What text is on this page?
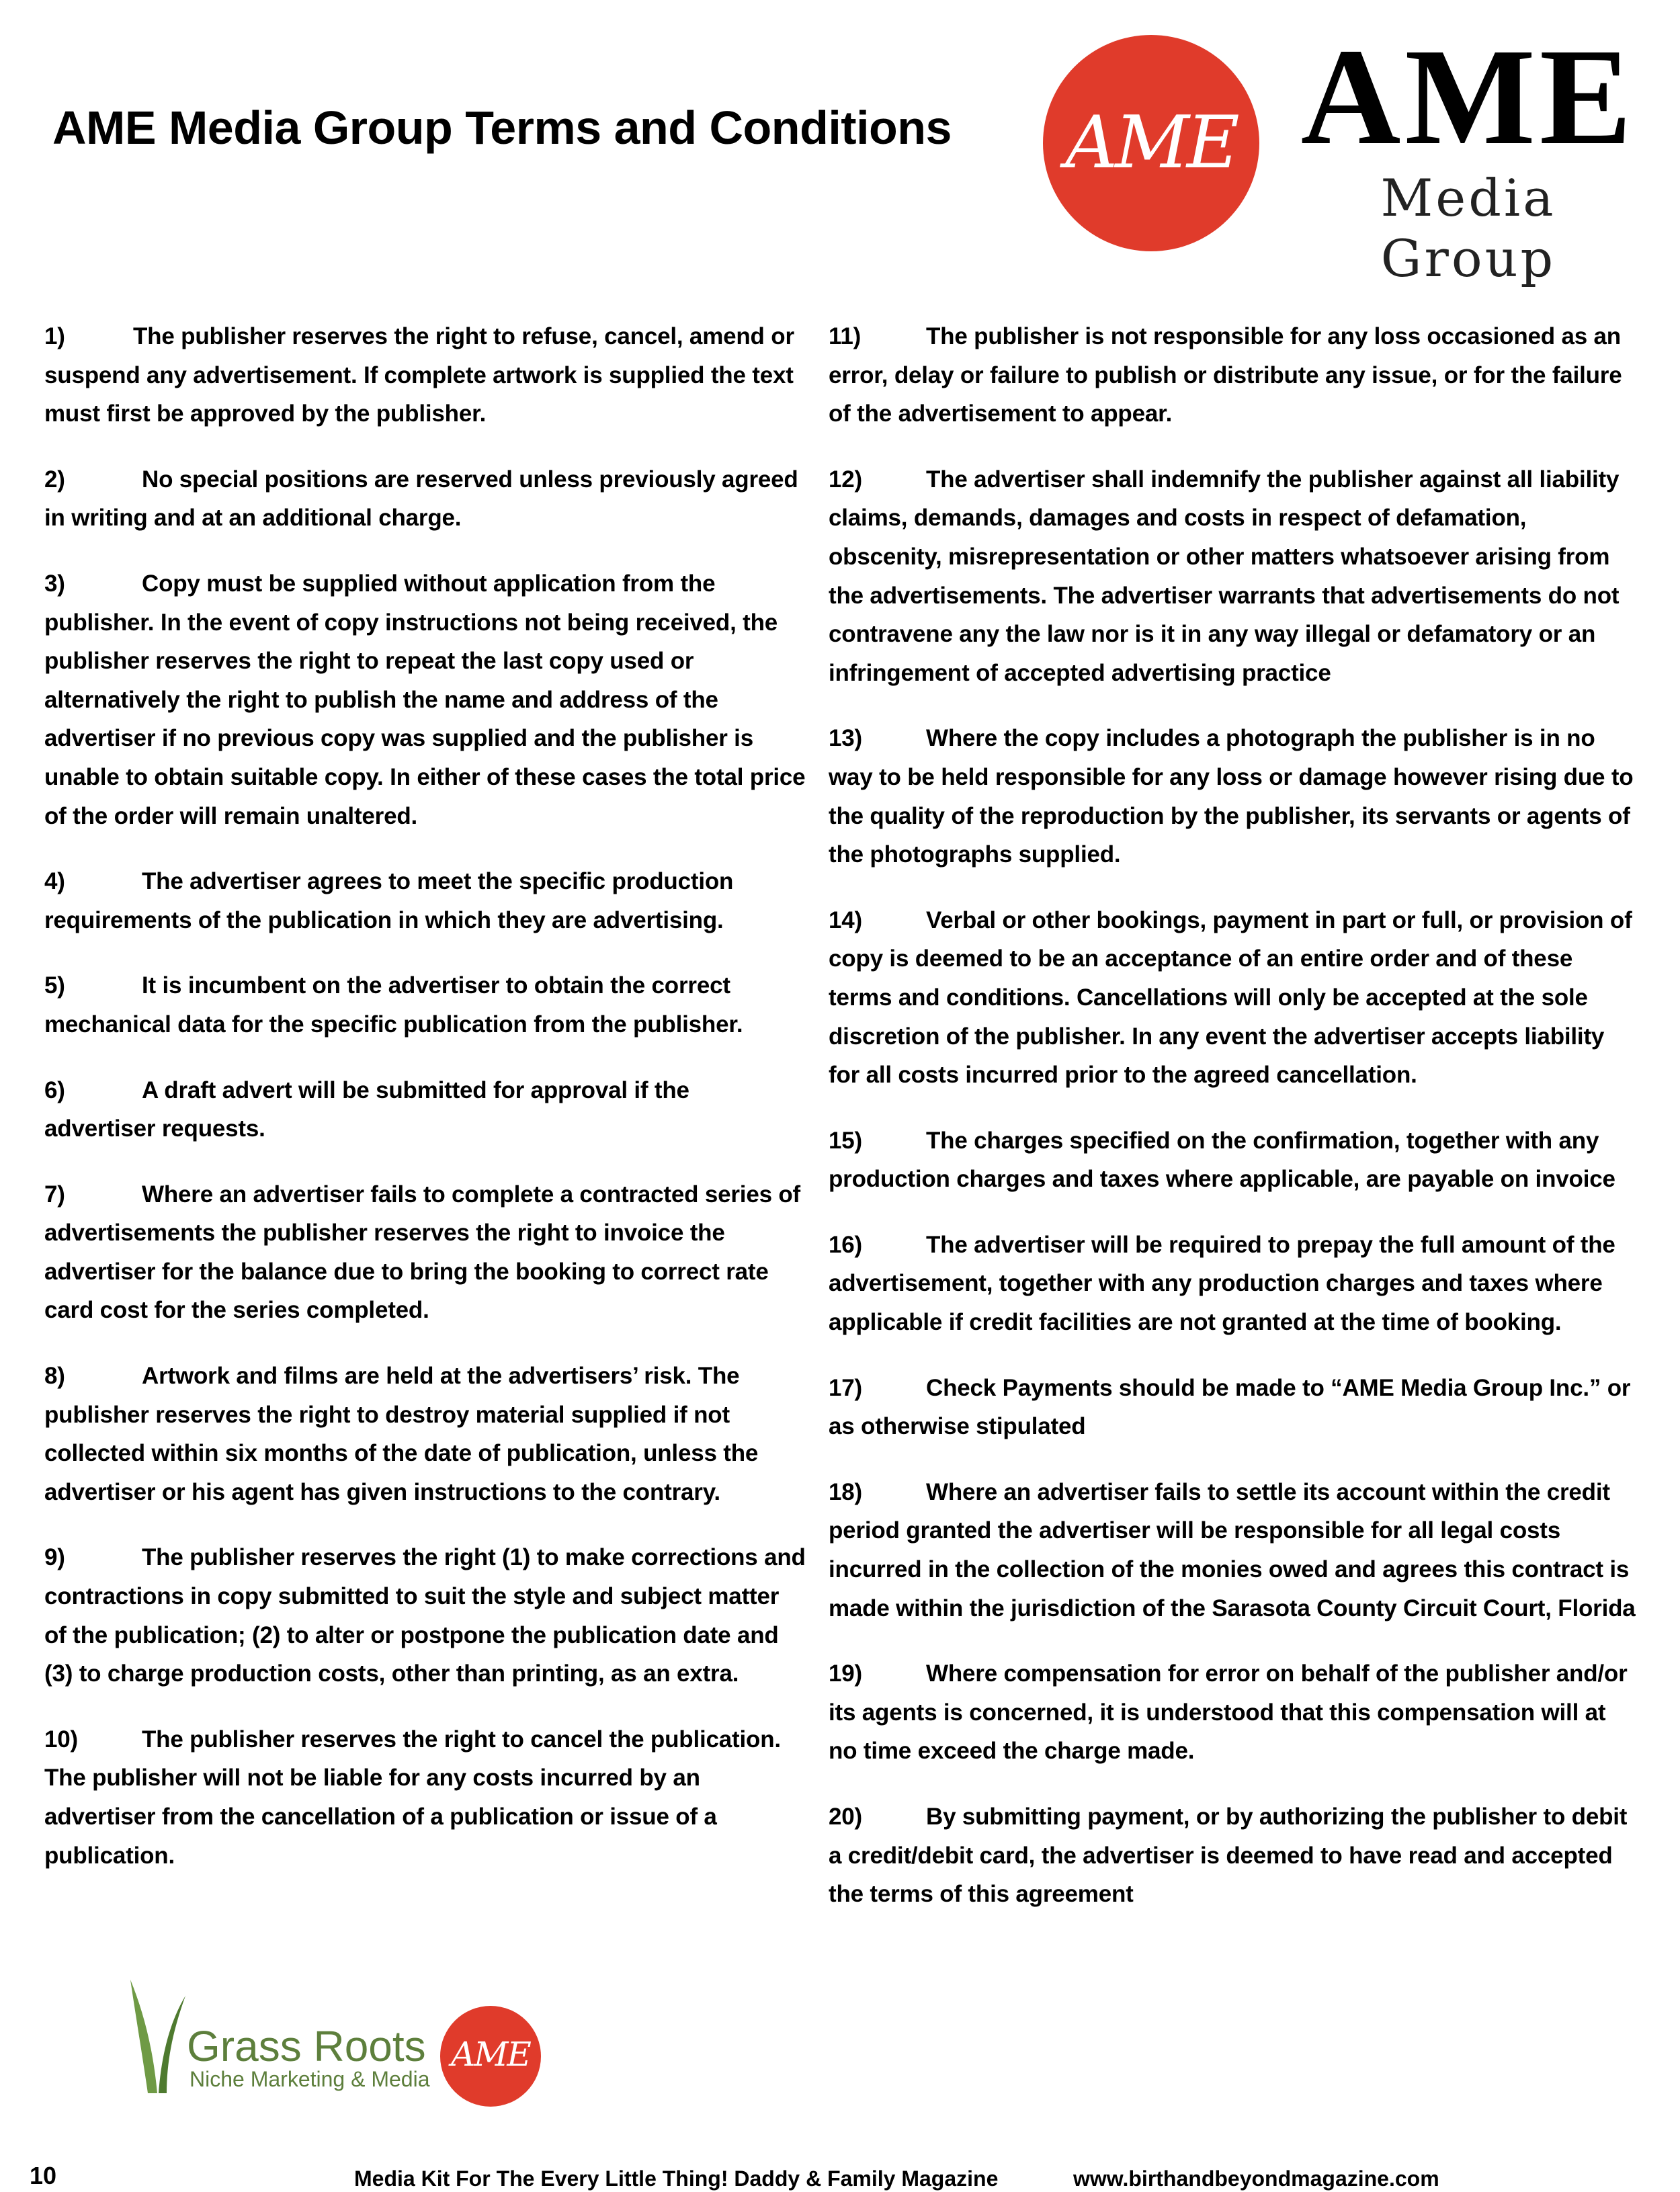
AME Media Group Terms and Conditions	AME AME
Media Group

1)	The publisher reserves the right to refuse, cancel, amend or suspend any advertisement. If complete artwork is supplied the text must first be approved by the publisher.

2)	No special positions are reserved unless previously agreed in writing and at an additional charge.

3)	Copy must be supplied without application from the publisher. In the event of copy instructions not being received, the publisher reserves the right to repeat the last copy used or alternatively the right to publish the name and address of the advertiser if no previous copy was supplied and the publisher is unable to obtain suitable copy. In either of these cases the total price of the order will remain unaltered.

4)	The advertiser agrees to meet the specific production requirements of the publication in which they are advertising.

5)	It is incumbent on the advertiser to obtain the correct mechanical data for the specific publication from the publisher.

6)	A draft advert will be submitted for approval if the advertiser requests.

7)	Where an advertiser fails to complete a contracted series of advertisements the publisher reserves the right to invoice the advertiser for the balance due to bring the booking to correct rate card cost for the series completed.

8)	Artwork and films are held at the advertisers’ risk. The publisher reserves the right to destroy material supplied if not collected within six months of the date of publication, unless the advertiser or his agent has given instructions to the contrary.

9)	The publisher reserves the right (1) to make corrections and contractions in copy submitted to suit the style and subject matter of the publication; (2) to alter or postpone the publication date and (3) to charge production costs, other than printing, as an extra.

10)	The publisher reserves the right to cancel the publication. The publisher will not be liable for any costs incurred by an advertiser from the cancellation of a publication or issue of a publication.

11)	The publisher is not responsible for any loss occasioned as an error, delay or failure to publish or distribute any issue, or for the failure of the advertisement to appear.

12)	The advertiser shall indemnify the publisher against all liability claims, demands, damages and costs in respect of defamation, obscenity, misrepresentation or other matters whatsoever arising from the advertisements. The advertiser warrants that advertisements do not contravene any the law nor is it in any way illegal or defamatory or an infringement of accepted advertising practice

13)	Where the copy includes a photograph the publisher is in no way to be held responsible for any loss or damage however rising due to the quality of the reproduction by the publisher, its servants or agents of the photographs supplied.

14)	Verbal or other bookings, payment in part or full, or provision of copy is deemed to be an acceptance of an entire order and of these terms and conditions. Cancellations will only be accepted at the sole discretion of the publisher. In any event the advertiser accepts liability for all costs incurred prior to the agreed cancellation.

15)	The charges specified on the confirmation, together with any production charges and taxes where applicable, are payable on invoice

16)	The advertiser will be required to prepay the full amount of the advertisement, together with any production charges and taxes where applicable if credit facilities are not granted at the time of booking.

17)	Check Payments should be made to “AME Media Group Inc.” or as otherwise stipulated

18)	Where an advertiser fails to settle its account within the credit period granted the advertiser will be responsible for all legal costs incurred in the collection of the monies owed and agrees this contract is made within the jurisdiction of the Sarasota County Circuit Court, Florida

19)	Where compensation for error on behalf of the publisher and/or its agents is concerned, it is understood that this compensation will at no time exceed the charge made.

20)	By submitting payment, or by authorizing the publisher to debit a credit/debit card, the advertiser is deemed to have read and accepted the terms of this agreement

Grass Roots
Niche Marketing & Media
AME
10	Media Kit For The Every Little Thing! Daddy & Family Magazine	www.birthandbeyondmagazine.com
